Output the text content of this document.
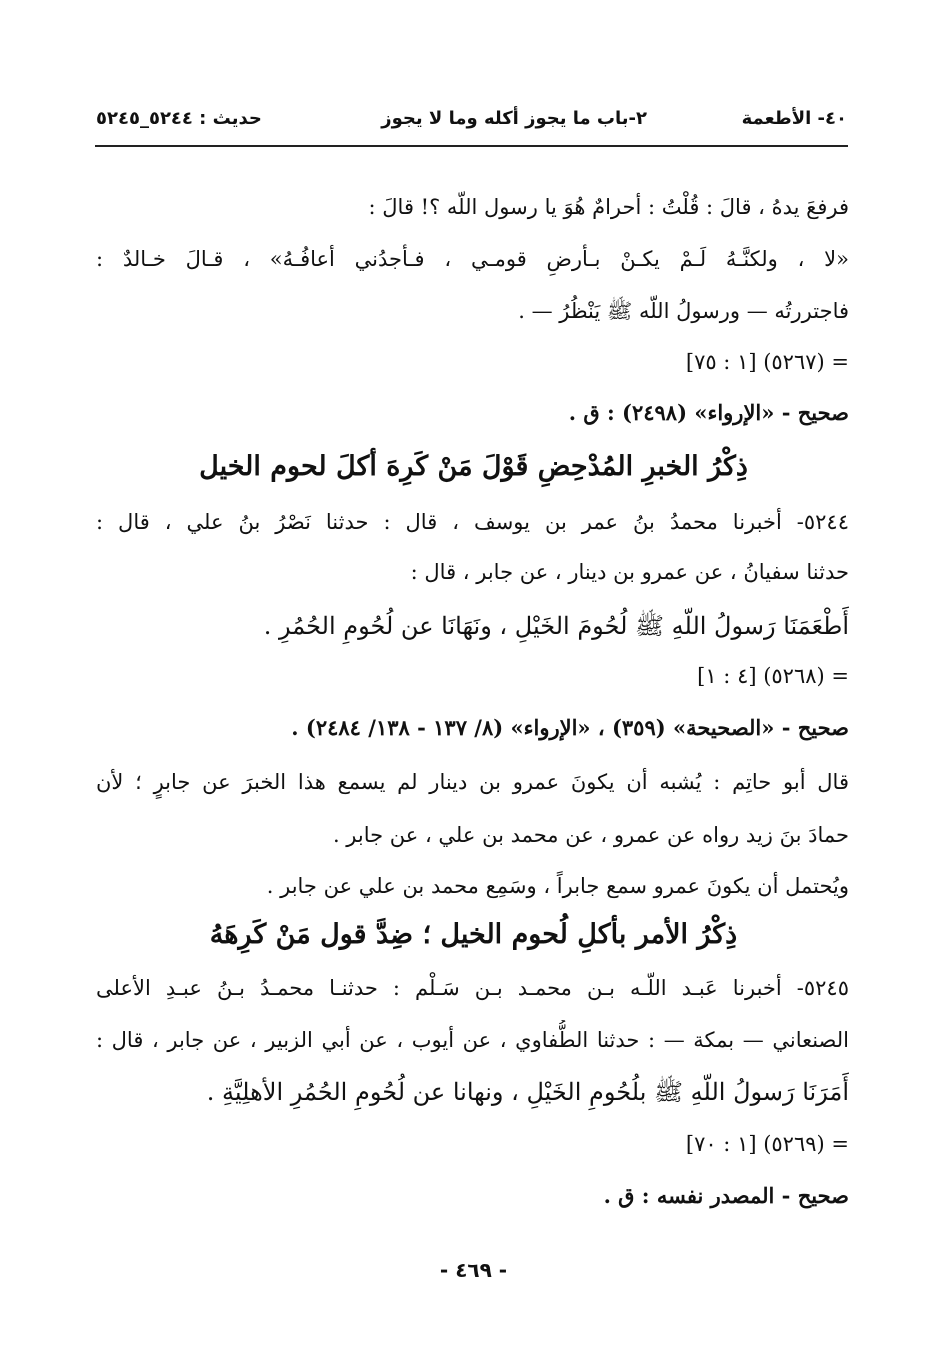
٤٠- الأطعمة
٢-باب ما يجوز أكله وما لا يجوز
حديث : ٥٢٤٤_٥٢٤٥
فرفعَ يدهُ ، قالَ : قُلْتُ : أحرامٌ هُوَ يا رسول اللّه ؟! قالَ :
«لا ، ولكنَّـهُ لَـمْ يكـنْ بـأرضِ قومـي ، فـأجدُني أعافُـهُ» ، قـالَ خـالدٌ :
فاجتررتُه — ورسولُ اللّه ﷺ يَنْظُرُ — .
= (٥٢٦٧) [١ : ٧٥]
صحيح - «الإرواء» (٢٤٩٨) : ق .
ذِكْرُ الخبرِ المُدْحِضِ قَوْلَ مَنْ كَرِهَ أكلَ لحوم الخيل
٥٢٤٤- أخبرنا محمدُ بنُ عمر بن يوسف ، قال : حدثنا نَصْرُ بنُ علي ، قال :
حدثنا سفيانُ ، عن عمرو بن دينار ، عن جابر ، قال :
أَطْعَمَنَا رَسولُ اللّهِ ﷺ لُحُومَ الخَيْلِ ، ونَهَانَا عن لُحُومِ الحُمُرِ .
= (٥٢٦٨) [٤ : ١]
صحيح - «الصحيحة» (٣٥٩) ، «الإرواء» (٨/ ١٣٧ - ١٣٨/ ٢٤٨٤) .
قال أبو حاتِم : يُشبه أن يكونَ عمرو بن دينار لم يسمع هذا الخبرَ عن جابرٍ ؛ لأن
حمادَ بنَ زيد رواه عن عمرو ، عن محمد بن علي ، عن جابر .
ويُحتمل أن يكونَ عمرو سمع جابراً ، وسَمِع محمد بن علي عن جابر .
ذِكْرُ الأمر بأكلِ لُحوم الخيل ؛ ضِدَّ قول مَنْ كَرِهَهُ
٥٢٤٥- أخبرنا عَبـد اللّـه بـن محمـد بـن سَـلْم : حدثنـا محمـدُ بـنُ عبـدِ الأعلى
الصنعاني — بمكة — : حدثنا الطُّفاوي ، عن أيوب ، عن أبي الزبير ، عن جابر ، قال :
أَمَرَنَا رَسولُ اللّهِ ﷺ بلُحُومِ الخَيْلِ ، ونهانا عن لُحُومِ الحُمُرِ الأهلِيَّةِ .
= (٥٢٦٩) [١ : ٧٠]
صحيح - المصدر نفسه : ق .
- ٤٦٩ -
